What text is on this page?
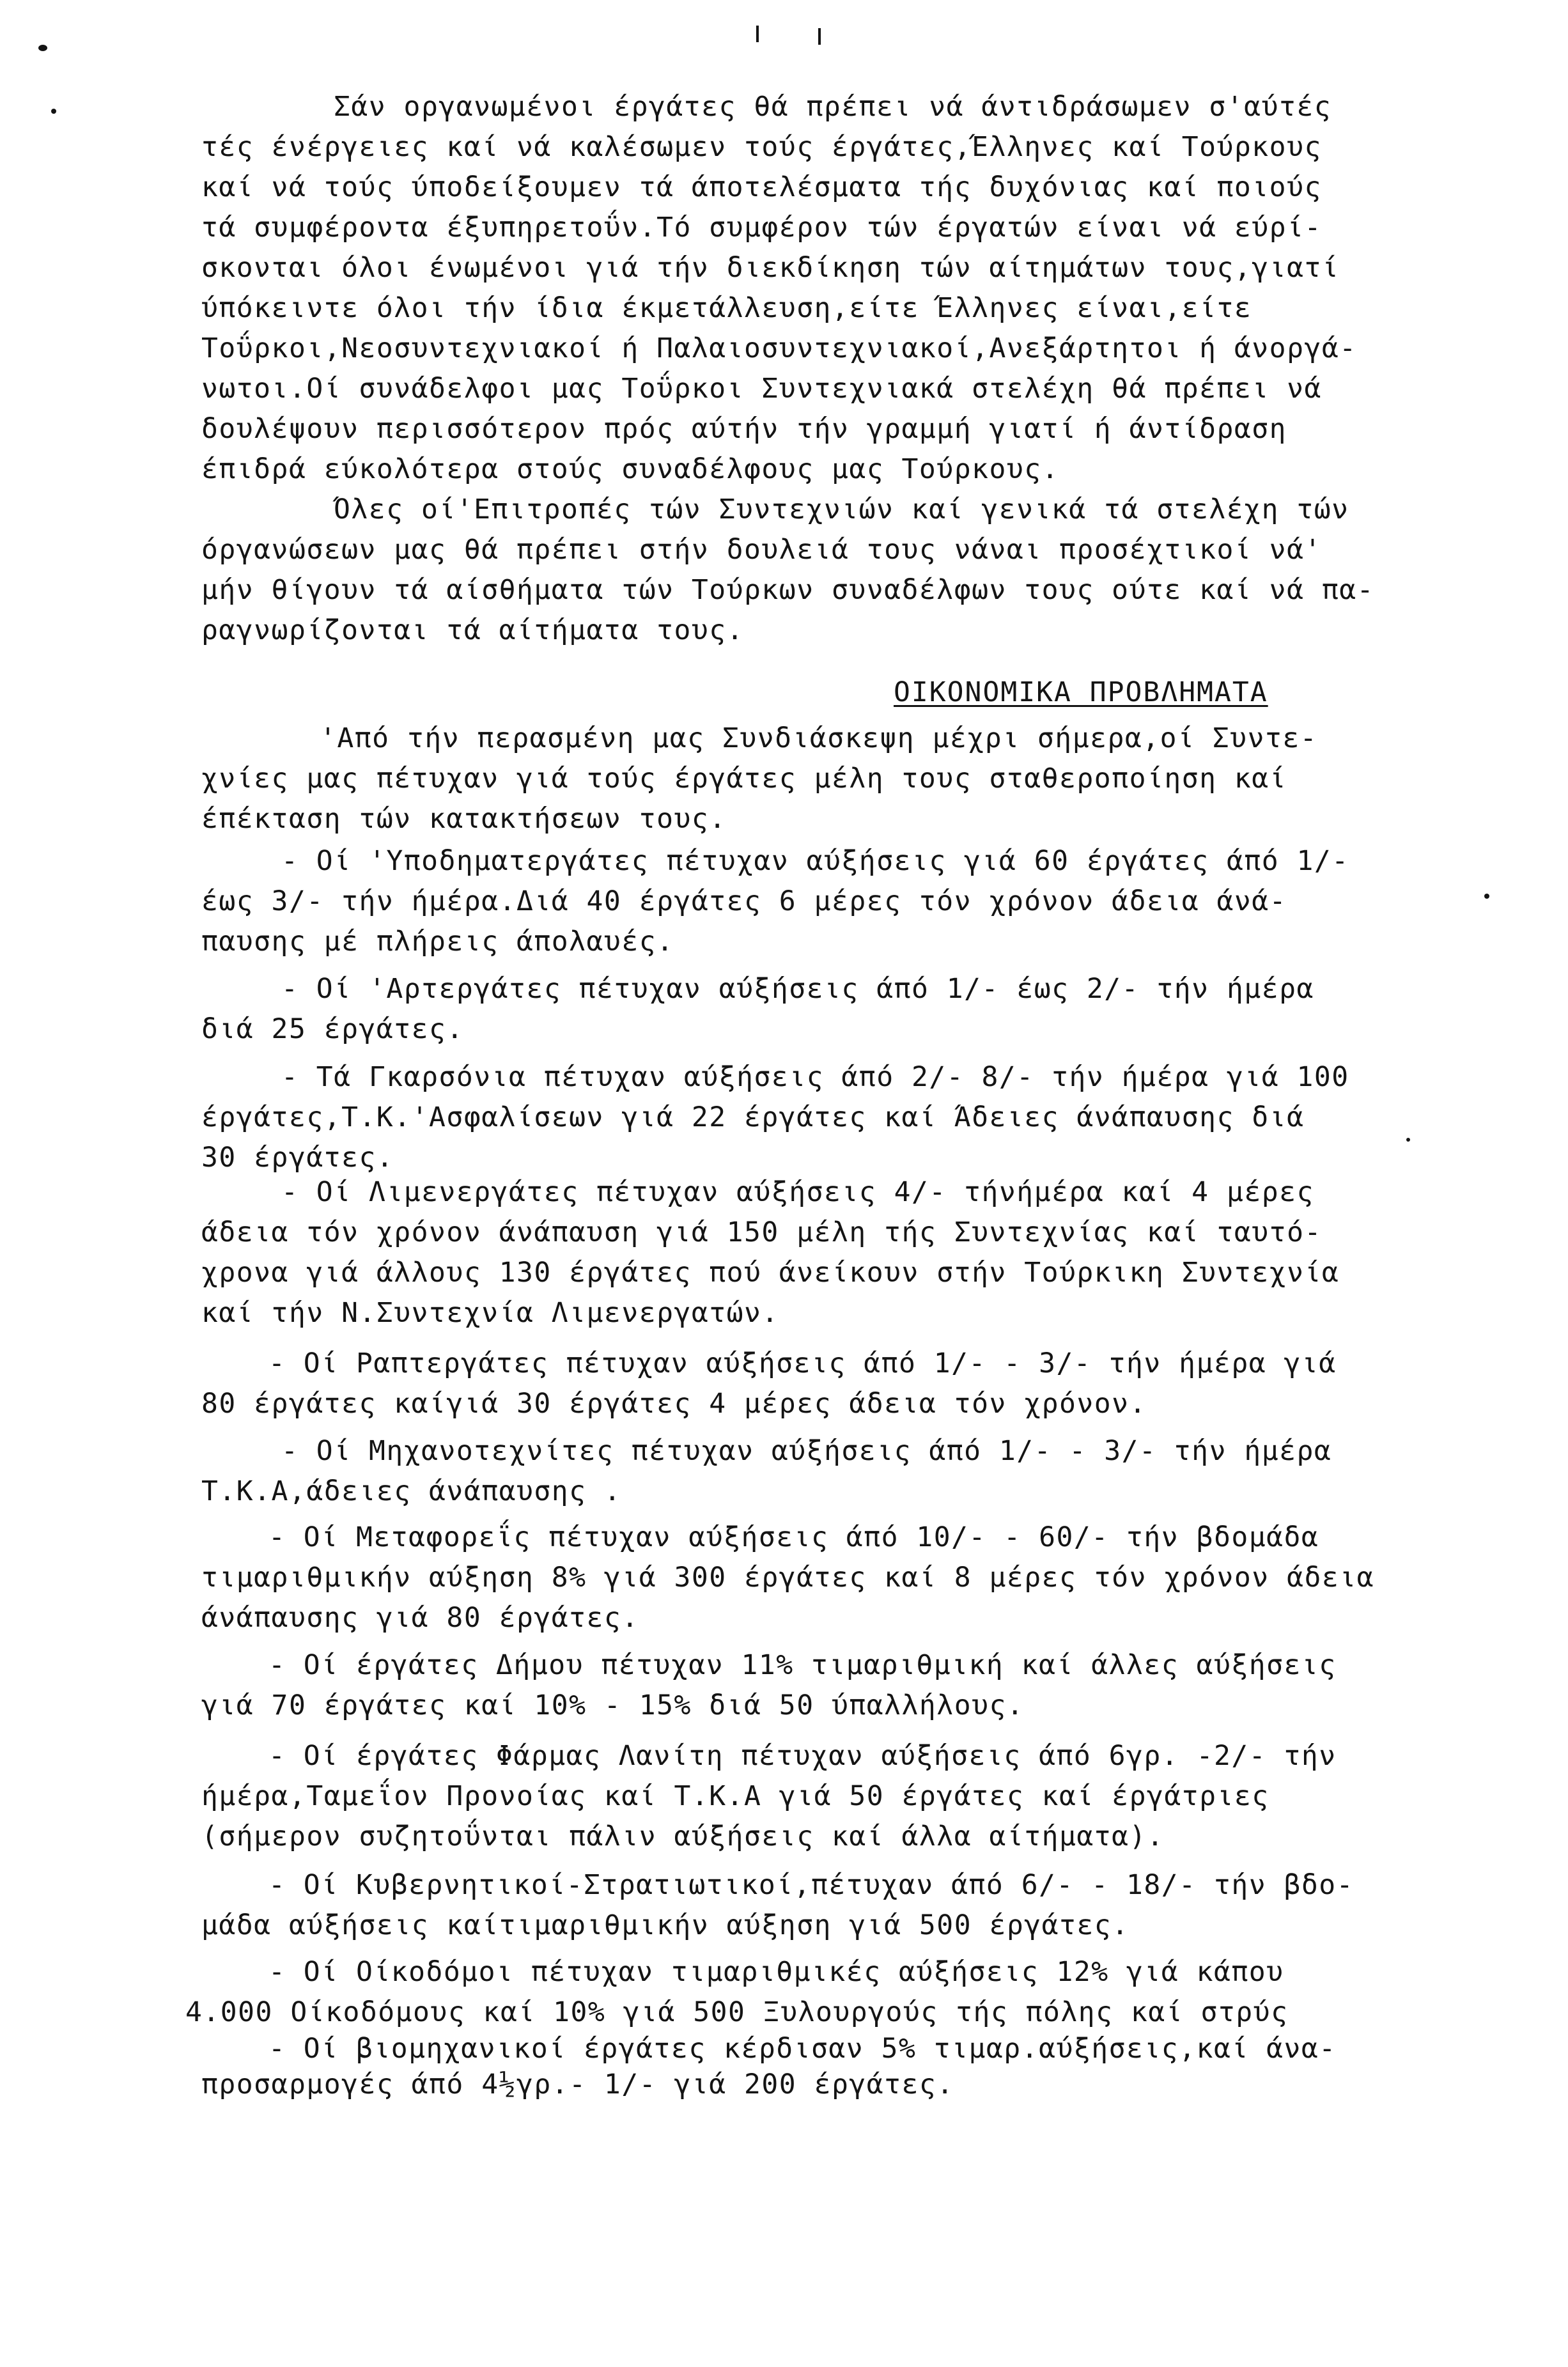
Σάν οργανωμένοι έργάτες θά πρέπει νά άντιδράσωμεν σ'αύτές
τές ένέργειες καί νά καλέσωμεν τούς έργάτες,Έλληνες καί Τούρκους
καί νά τούς ύποδείξουμεν τά άποτελέσματα τής δυχόνιας καί ποιούς
τά συμφέροντα έξυπηρετοΰν.Τό συμφέρον τών έργατών είναι νά εύρί-
σκονται όλοι ένωμένοι γιά τήν διεκδίκηση τών αίτημάτων τους,γιατί
ύπόκειντε όλοι τήν ίδια έκμετάλλευση,είτε Έλληνες είναι,είτε
Τοΰρκοι,Νεοσυντεχνιακοί ή Παλαιοσυντεχνιακοί,Ανεξάρτητοι ή άνοργά-
νωτοι.Οί συνάδελφοι μας Τοΰρκοι Συντεχνιακά στελέχη θά πρέπει νά
δουλέψουν περισσότερον πρός αύτήν τήν γραμμή γιατί ή άντίδραση
έπιδρά εύκολότερα στούς συναδέλφους μας Τούρκους.
Όλες οί'Επιτροπές τών Συντεχνιών καί γενικά τά στελέχη τών
όργανώσεων μας θά πρέπει στήν δουλειά τους νάναι προσέχτικοί νά'
μήν θίγουν τά αίσθήματα τών Τούρκων συναδέλφων τους ούτε καί νά πα-
ραγνωρίζονται τά αίτήματα τους.
ΟΙΚΟΝΟΜΙΚΑ ΠΡΟΒΛΗΜΑΤΑ
'Από τήν περασμένη μας Συνδιάσκεψη μέχρι σήμερα,οί Συντε-
χνίες μας πέτυχαν γιά τούς έργάτες μέλη τους σταθεροποίηση καί
έπέκταση τών κατακτήσεων τους.
- Οί 'Υποδηματεργάτες πέτυχαν αύξήσεις γιά 60 έργάτες άπό 1/-
έως 3/- τήν ήμέρα.Διά 40 έργάτες 6 μέρες τόν χρόνον άδεια άνά-
παυσης μέ πλήρεις άπολαυές.
- Οί 'Αρτεργάτες πέτυχαν αύξήσεις άπό 1/- έως 2/- τήν ήμέρα
διά 25 έργάτες.
- Τά Γκαρσόνια πέτυχαν αύξήσεις άπό 2/- 8/- τήν ήμέρα γιά 100
έργάτες,Τ.Κ.'Ασφαλίσεων γιά 22 έργάτες καί Άδειες άνάπαυσης διά
30 έργάτες.
- Οί Λιμενεργάτες πέτυχαν αύξήσεις 4/- τήνήμέρα καί 4 μέρες
άδεια τόν χρόνον άνάπαυση γιά 150 μέλη τής Συντεχνίας καί ταυτό-
χρονα γιά άλλους 130 έργάτες πού άνείκουν στήν Τούρκικη Συντεχνία
καί τήν Ν.Συντεχνία Λιμενεργατών.
- Οί Ραπτεργάτες πέτυχαν αύξήσεις άπό 1/- - 3/- τήν ήμέρα γιά
80 έργάτες καίγιά 30 έργάτες 4 μέρες άδεια τόν χρόνον.
- Οί Μηχανοτεχνίτες πέτυχαν αύξήσεις άπό 1/- - 3/- τήν ήμέρα
Τ.Κ.Α,άδειες άνάπαυσης .
- Οί Μεταφορεΐς πέτυχαν αύξήσεις άπό 10/- - 60/- τήν βδομάδα
τιμαριθμικήν αύξηση 8% γιά 300 έργάτες καί 8 μέρες τόν χρόνον άδεια
άνάπαυσης γιά 80 έργάτες.
- Οί έργάτες Δήμου πέτυχαν 11% τιμαριθμική καί άλλες αύξήσεις
γιά 70 έργάτες καί 10% - 15% διά 50 ύπαλλήλους.
- Οί έργάτες Φάρμας Λανίτη πέτυχαν αύξήσεις άπό 6γρ. -2/- τήν
ήμέρα,Ταμεΐον Προνοίας καί Τ.Κ.Α γιά 50 έργάτες καί έργάτριες
(σήμερον συζητοΰνται πάλιν αύξήσεις καί άλλα αίτήματα).
- Οί Κυβερνητικοί-Στρατιωτικοί,πέτυχαν άπό 6/- - 18/- τήν βδο-
μάδα αύξήσεις καίτιμαριθμικήν αύξηση γιά 500 έργάτες.
- Οί Οίκοδόμοι πέτυχαν τιμαριθμικές αύξήσεις 12% γιά κάπου
4.000 Οίκοδόμους καί 10% γιά 500 Ξυλουργούς τής πόλης καί στρύς
- Οί βιομηχανικοί έργάτες κέρδισαν 5% τιμαρ.αύξήσεις,καί άνα-
προσαρμογές άπό 4½γρ.- 1/- γιά 200 έργάτες.
